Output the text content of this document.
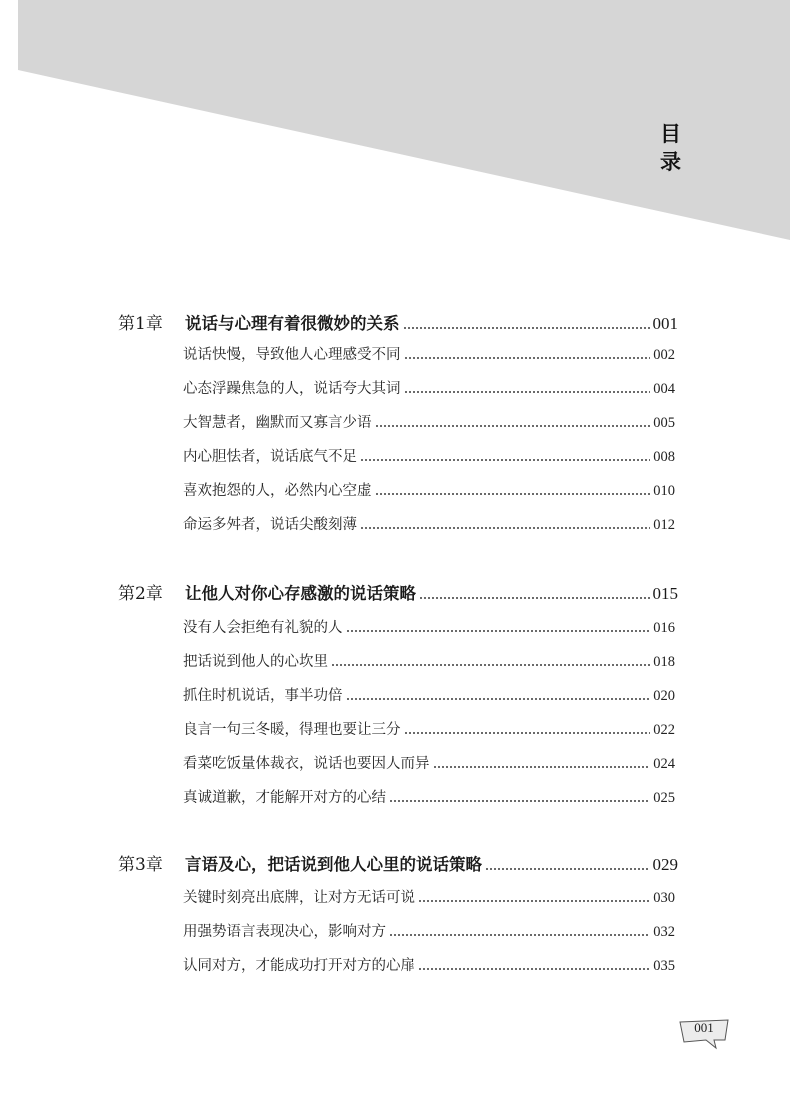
目
录
第1章	说话与心理有着很微妙的关系	001
说话快慢，导致他人心理感受不同	002
心态浮躁焦急的人，说话夸大其词	004
大智慧者，幽默而又寡言少语	005
内心胆怯者，说话底气不足	008
喜欢抱怨的人，必然内心空虚	010
命运多舛者，说话尖酸刻薄	012
第2章	让他人对你心存感激的说话策略	015
没有人会拒绝有礼貌的人	016
把话说到他人的心坎里	018
抓住时机说话，事半功倍	020
良言一句三冬暖，得理也要让三分	022
看菜吃饭量体裁衣，说话也要因人而异	024
真诚道歉，才能解开对方的心结	025
第3章	言语及心，把话说到他人心里的说话策略	029
关键时刻亮出底牌，让对方无话可说	030
用强势语言表现决心，影响对方	032
认同对方，才能成功打开对方的心扉	035
001
